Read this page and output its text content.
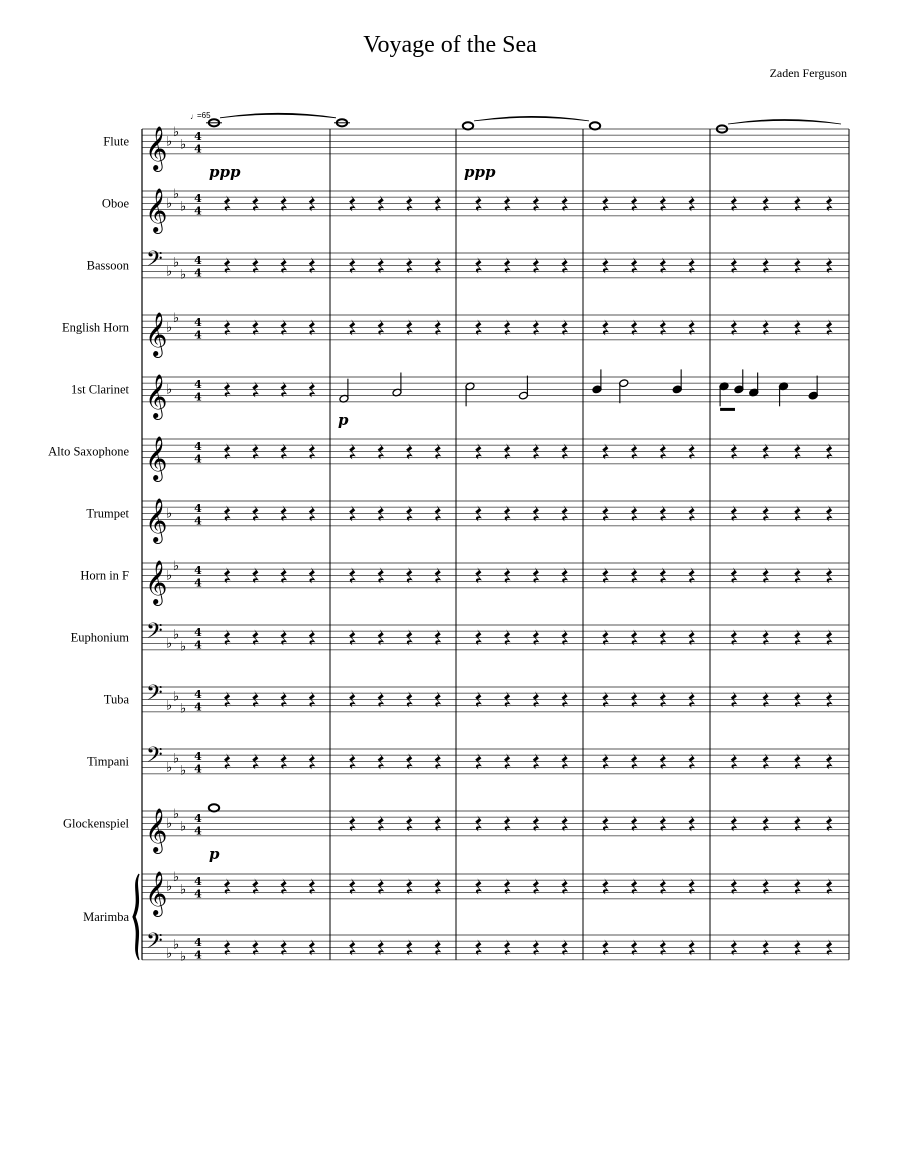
Voyage of the Sea
Zaden Ferguson
𝄞
♭
♭
♭
4
4
𝄞
♭
♭
♭
4
4
𝄢 ♭
♭
♭
4
4
𝄞
♭
♭ 4
4
𝄞
♭ 4
4
𝄞 4
4
𝄞
♭ 4
4
𝄞
♭
♭ 4
4
𝄢 ♭
♭
♭
4
4
𝄢 ♭
♭
♭
4
4
𝄢 ♭
♭
♭
4
4
𝄞
♭
♭
♭
4
4
𝄞
♭
♭
♭
4
4
𝄢 ♭
♭
♭
4
4
Flute
Oboe
Bassoon
English Horn
1st Clarinet
Alto Saxophone
Trumpet
Horn in F
Euphonium
Tuba
Timpani
Glockenspiel
Marimba
♩ =65
ppp	ppp
p
p
